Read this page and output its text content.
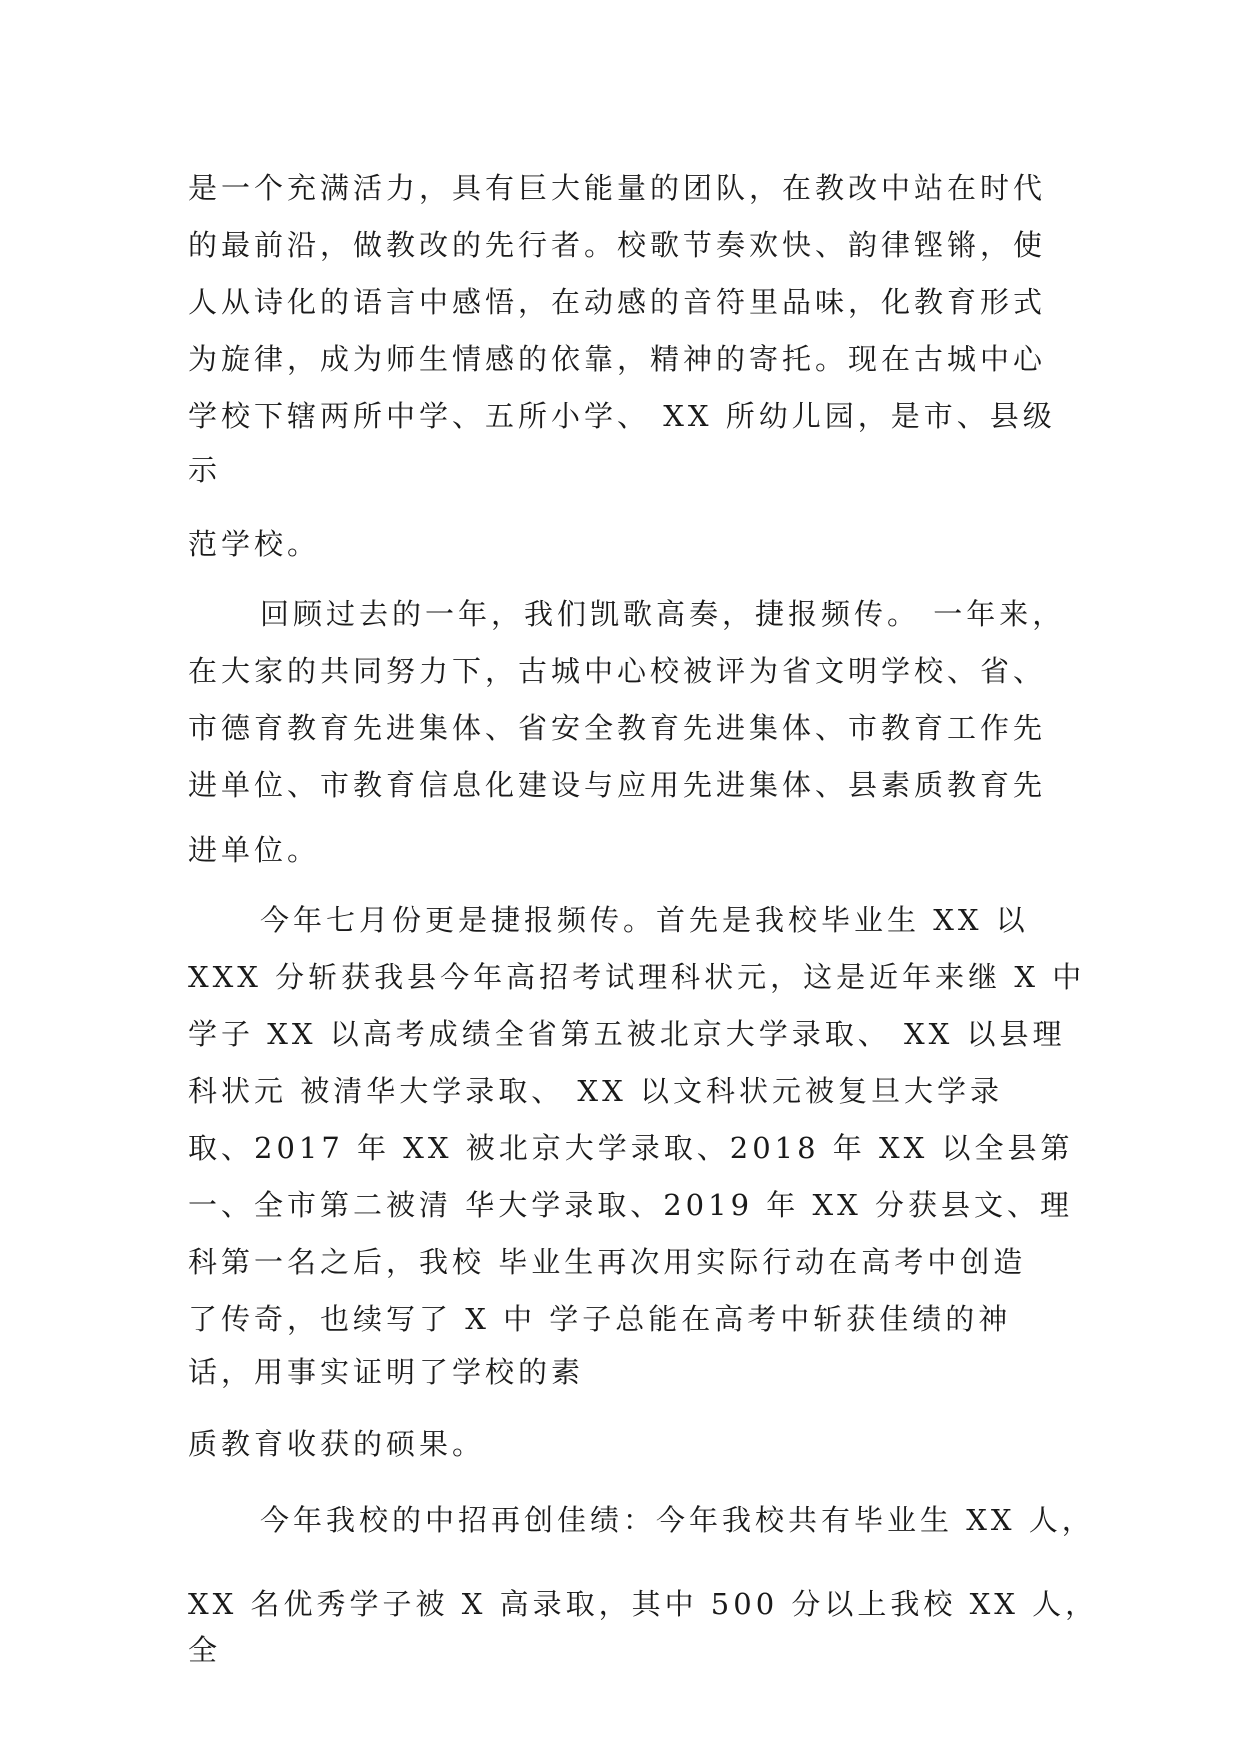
是一个充满活力，具有巨大能量的团队，在教改中站在时代

的最前沿，做教改的先行者。校歌节奏欢快、韵律铿锵，使

人从诗化的语言中感悟，在动感的音符里品味，化教育形式

为旋律，成为师生情感的依靠，精神的寄托。现在古城中心

学校下辖两所中学、五所小学、 XX 所幼儿园，是市、县级

示

范学校。

回顾过去的一年，我们凯歌高奏，捷报频传。 一年来，

在大家的共同努力下，古城中心校被评为省文明学校、省、

市德育教育先进集体、省安全教育先进集体、市教育工作先

进单位、市教育信息化建设与应用先进集体、县素质教育先

进单位。

今年七月份更是捷报频传。首先是我校毕业生 XX 以

XXX 分斩获我县今年高招考试理科状元，这是近年来继 X 中

学子 XX 以高考成绩全省第五被北京大学录取、 XX 以县理

科状元 被清华大学录取、 XX 以文科状元被复旦大学录

取、2017 年 XX 被北京大学录取、2018 年 XX 以全县第

一、全市第二被清 华大学录取、2019 年 XX 分获县文、理

科第一名之后，我校 毕业生再次用实际行动在高考中创造

了传奇，也续写了 X 中 学子总能在高考中斩获佳绩的神

话，用事实证明了学校的素

质教育收获的硕果。

今年我校的中招再创佳绩：今年我校共有毕业生 XX 人，

XX 名优秀学子被 X 高录取，其中 500 分以上我校 XX 人，

全
